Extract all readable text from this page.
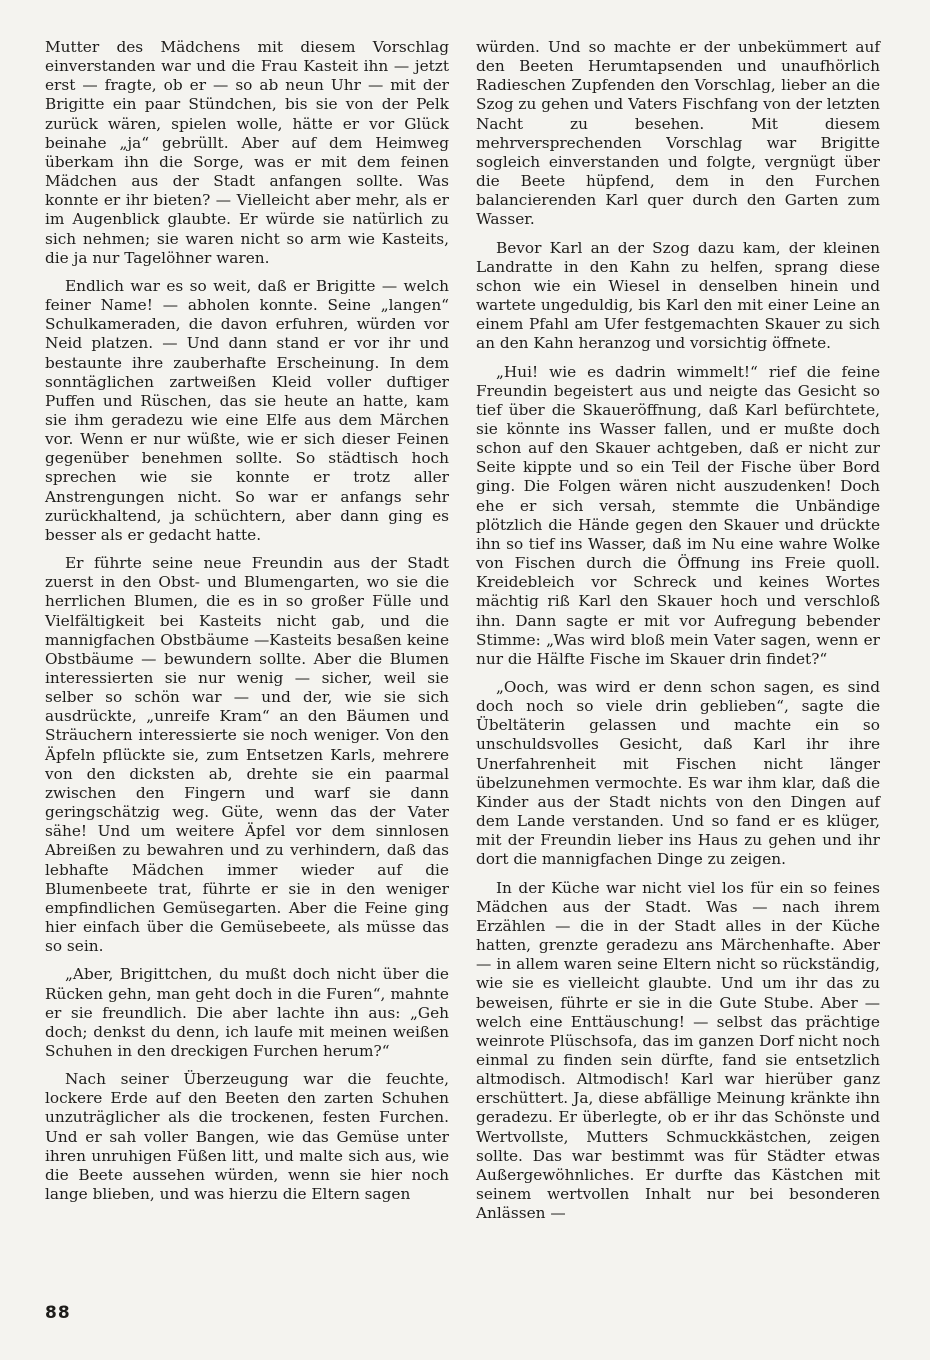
Mutter des Mädchens mit diesem Vorschlag einverstanden war und die Frau Kasteit ihn — jetzt erst — fragte, ob er — so ab neun Uhr — mit der Brigitte ein paar Stündchen, bis sie von der Pelk zurück wären, spielen wolle, hätte er vor Glück beinahe „ja“ gebrüllt. Aber auf dem Heimweg überkam ihn die Sorge, was er mit dem feinen Mädchen aus der Stadt anfangen sollte. Was konnte er ihr bieten? — Vielleicht aber mehr, als er im Augenblick glaubte. Er würde sie natürlich zu sich nehmen; sie waren nicht so arm wie Kasteits, die ja nur Tagelöhner waren.

Endlich war es so weit, daß er Brigitte — welch feiner Name! — abholen konnte. Seine „langen“ Schulkameraden, die davon erfuhren, würden vor Neid platzen. — Und dann stand er vor ihr und bestaunte ihre zauberhafte Erscheinung. In dem sonntäglichen zartweißen Kleid voller duftiger Puffen und Rüschen, das sie heute an hatte, kam sie ihm geradezu wie eine Elfe aus dem Märchen vor. Wenn er nur wüßte, wie er sich dieser Feinen gegenüber benehmen sollte. So städtisch hoch sprechen wie sie konnte er trotz aller Anstrengungen nicht. So war er anfangs sehr zurückhaltend, ja schüchtern, aber dann ging es besser als er gedacht hatte.

Er führte seine neue Freundin aus der Stadt zuerst in den Obst- und Blumengarten, wo sie die herrlichen Blumen, die es in so großer Fülle und Vielfältigkeit bei Kasteits nicht gab, und die mannigfachen Obstbäume —Kasteits besaßen keine Obstbäume — bewundern sollte. Aber die Blumen interessierten sie nur wenig — sicher, weil sie selber so schön war — und der, wie sie sich ausdrückte, „unreife Kram“ an den Bäumen und Sträuchern interessierte sie noch weniger. Von den Äpfeln pflückte sie, zum Entsetzen Karls, mehrere von den dicksten ab, drehte sie ein paarmal zwischen den Fingern und warf sie dann geringschätzig weg. Güte, wenn das der Vater sähe! Und um weitere Äpfel vor dem sinnlosen Abreißen zu bewahren und zu verhindern, daß das lebhafte Mädchen immer wieder auf die Blumenbeete trat, führte er sie in den weniger empfindlichen Gemüsegarten. Aber die Feine ging hier einfach über die Gemüsebeete, als müsse das so sein.

„Aber, Brigittchen, du mußt doch nicht über die Rücken gehn, man geht doch in die Furen“, mahnte er sie freundlich. Die aber lachte ihn aus: „Geh doch; denkst du denn, ich laufe mit meinen weißen Schuhen in den dreckigen Furchen herum?“

Nach seiner Überzeugung war die feuchte, lockere Erde auf den Beeten den zarten Schuhen unzuträglicher als die trockenen, festen Furchen. Und er sah voller Bangen, wie das Gemüse unter ihren unruhigen Füßen litt, und malte sich aus, wie die Beete aussehen würden, wenn sie hier noch lange blieben, und was hierzu die Eltern sagen

würden. Und so machte er der unbekümmert auf den Beeten Herumtapsenden und unaufhörlich Radieschen Zupfenden den Vorschlag, lieber an die Szog zu gehen und Vaters Fischfang von der letzten Nacht zu besehen. Mit diesem mehrversprechenden Vorschlag war Brigitte sogleich einverstanden und folgte, vergnügt über die Beete hüpfend, dem in den Furchen balancierenden Karl quer durch den Garten zum Wasser.

Bevor Karl an der Szog dazu kam, der kleinen Landratte in den Kahn zu helfen, sprang diese schon wie ein Wiesel in denselben hinein und wartete ungeduldig, bis Karl den mit einer Leine an einem Pfahl am Ufer festgemachten Skauer zu sich an den Kahn heranzog und vorsichtig öffnete.

„Hui! wie es dadrin wimmelt!“ rief die feine Freundin begeistert aus und neigte das Gesicht so tief über die Skaueröffnung, daß Karl befürchtete, sie könnte ins Wasser fallen, und er mußte doch schon auf den Skauer achtgeben, daß er nicht zur Seite kippte und so ein Teil der Fische über Bord ging. Die Folgen wären nicht auszudenken! Doch ehe er sich versah, stemmte die Unbändige plötzlich die Hände gegen den Skauer und drückte ihn so tief ins Wasser, daß im Nu eine wahre Wolke von Fischen durch die Öffnung ins Freie quoll. Kreidebleich vor Schreck und keines Wortes mächtig riß Karl den Skauer hoch und verschloß ihn. Dann sagte er mit vor Aufregung bebender Stimme: „Was wird bloß mein Vater sagen, wenn er nur die Hälfte Fische im Skauer drin findet?“

„Ooch, was wird er denn schon sagen, es sind doch noch so viele drin geblieben“, sagte die Übeltäterin gelassen und machte ein so unschuldsvolles Gesicht, daß Karl ihr ihre Unerfahrenheit mit Fischen nicht länger übelzunehmen vermochte. Es war ihm klar, daß die Kinder aus der Stadt nichts von den Dingen auf dem Lande verstanden. Und so fand er es klüger, mit der Freundin lieber ins Haus zu gehen und ihr dort die mannigfachen Dinge zu zeigen.

In der Küche war nicht viel los für ein so feines Mädchen aus der Stadt. Was — nach ihrem Erzählen — die in der Stadt alles in der Küche hatten, grenzte geradezu ans Märchenhafte. Aber — in allem waren seine Eltern nicht so rückständig, wie sie es vielleicht glaubte. Und um ihr das zu beweisen, führte er sie in die Gute Stube. Aber — welch eine Enttäuschung! — selbst das prächtige weinrote Plüschsofa, das im ganzen Dorf nicht noch einmal zu finden sein dürfte, fand sie entsetzlich altmodisch. Altmodisch! Karl war hierüber ganz erschüttert. Ja, diese abfällige Meinung kränkte ihn geradezu. Er überlegte, ob er ihr das Schönste und Wertvollste, Mutters Schmuckkästchen, zeigen sollte. Das war bestimmt was für Städter etwas Außergewöhnliches. Er durfte das Kästchen mit seinem wertvollen Inhalt nur bei besonderen Anlässen —

88
